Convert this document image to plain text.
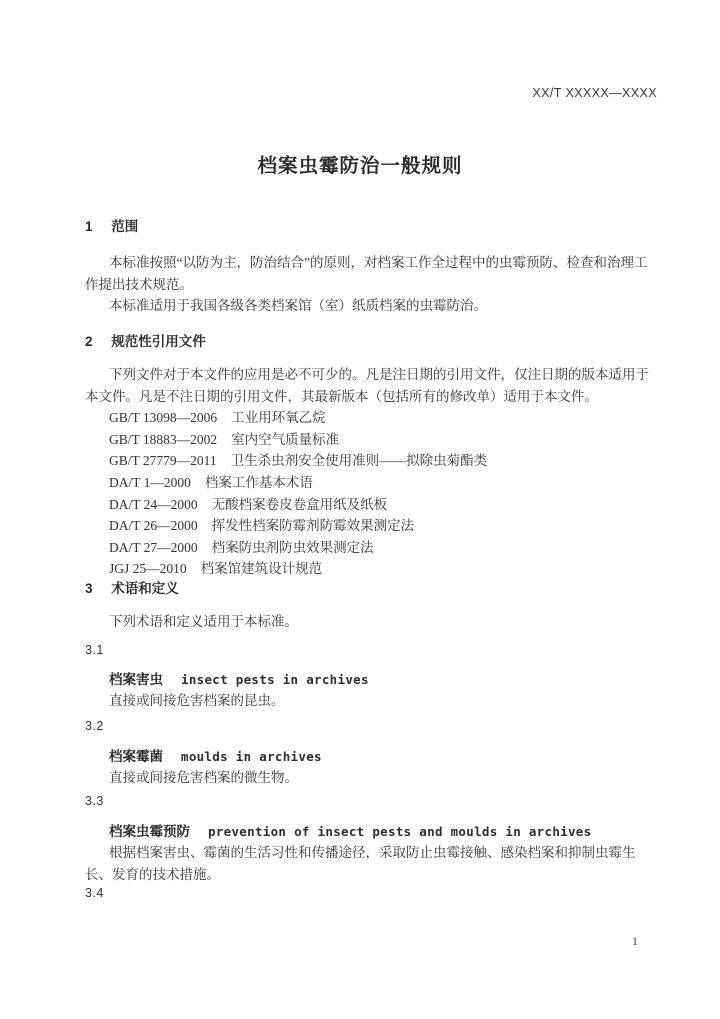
XX/T XXXXX—XXXX
档案虫霉防治一般规则
1 范围

本标准按照“以防为主，防治结合”的原则，对档案工作全过程中的虫霉预防、检查和治理工作提出技术规范。

本标准适用于我国各级各类档案馆（室）纸质档案的虫霉防治。

2 规范性引用文件

下列文件对于本文件的应用是必不可少的。凡是注日期的引用文件，仅注日期的版本适用于本文件。凡是不注日期的引用文件，其最新版本（包括所有的修改单）适用于本文件。

GB/T 13098—2006 工业用环氧乙烷
GB/T 18883—2002 室内空气质量标准
GB/T 27779—2011 卫生杀虫剂安全使用准则——拟除虫菊酯类
DA/T 1—2000 档案工作基本术语
DA/T 24—2000 无酸档案卷皮卷盒用纸及纸板
DA/T 26—2000 挥发性档案防霉剂防霉效果测定法
DA/T 27—2000 档案防虫剂防虫效果测定法
JGJ 25—2010 档案馆建筑设计规范
3 术语和定义

下列术语和定义适用于本标准。

3.1
档案害虫 insect pests in archives

直接或间接危害档案的昆虫。

3.2
档案霉菌 moulds in archives

直接或间接危害档案的微生物。

3.3
档案虫霉预防 prevention of insect pests and moulds in archives

根据档案害虫、霉菌的生活习性和传播途径，采取防止虫霉接触、感染档案和抑制虫霉生长、发育的技术措施。

3.4
1
